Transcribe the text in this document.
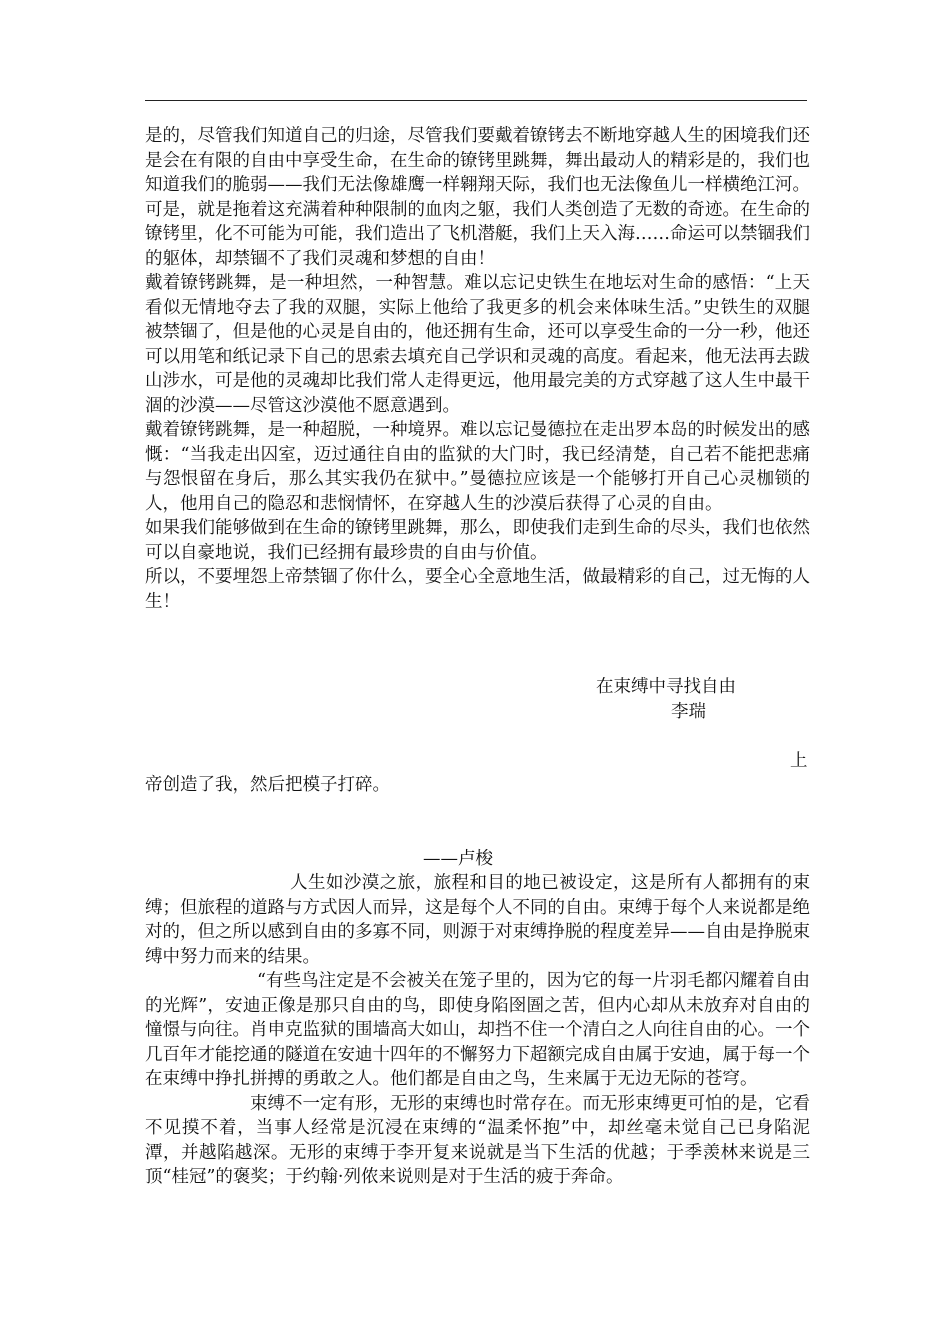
是的，尽管我们知道自己的归途，尽管我们要戴着镣铐去不断地穿越人生的困境我们还是会在有限的自由中享受生命，在生命的镣铐里跳舞，舞出最动人的精彩是的，我们也知道我们的脆弱——我们无法像雄鹰一样翱翔天际，我们也无法像鱼儿一样横绝江河。可是，就是拖着这充满着种种限制的血肉之躯，我们人类创造了无数的奇迹。在生命的镣铐里，化不可能为可能，我们造出了飞机潜艇，我们上天入海……命运可以禁锢我们的躯体，却禁锢不了我们灵魂和梦想的自由！

戴着镣铐跳舞，是一种坦然，一种智慧。难以忘记史铁生在地坛对生命的感悟：“上天看似无情地夺去了我的双腿，实际上他给了我更多的机会来体味生活。”史铁生的双腿被禁锢了，但是他的心灵是自由的，他还拥有生命，还可以享受生命的一分一秒，他还可以用笔和纸记录下自己的思索去填充自己学识和灵魂的高度。看起来，他无法再去跋山涉水，可是他的灵魂却比我们常人走得更远，他用最完美的方式穿越了这人生中最干涸的沙漠——尽管这沙漠他不愿意遇到。

戴着镣铐跳舞，是一种超脱，一种境界。难以忘记曼德拉在走出罗本岛的时候发出的感慨：“当我走出囚室，迈过通往自由的监狱的大门时，我已经清楚，自己若不能把悲痛与怨恨留在身后，那么其实我仍在狱中。”曼德拉应该是一个能够打开自己心灵枷锁的人，他用自己的隐忍和悲悯情怀，在穿越人生的沙漠后获得了心灵的自由。

如果我们能够做到在生命的镣铐里跳舞，那么，即使我们走到生命的尽头，我们也依然可以自豪地说，我们已经拥有最珍贵的自由与价值。

所以，不要埋怨上帝禁锢了你什么，要全心全意地生活，做最精彩的自己，过无悔的人生！

在束缚中寻找自由
李瑞
上
帝创造了我，然后把模子打碎。
——卢梭

人生如沙漠之旅，旅程和目的地已被设定，这是所有人都拥有的束缚；但旅程的道路与方式因人而异，这是每个人不同的自由。束缚于每个人来说都是绝对的，但之所以感到自由的多寡不同，则源于对束缚挣脱的程度差异——自由是挣脱束缚中努力而来的结果。

“有些鸟注定是不会被关在笼子里的，因为它的每一片羽毛都闪耀着自由的光辉”，安迪正像是那只自由的鸟，即使身陷囹圄之苦，但内心却从未放弃对自由的憧憬与向往。肖申克监狱的围墙高大如山，却挡不住一个清白之人向往自由的心。一个几百年才能挖通的隧道在安迪十四年的不懈努力下超额完成自由属于安迪，属于每一个在束缚中挣扎拼搏的勇敢之人。他们都是自由之鸟，生来属于无边无际的苍穹。

束缚不一定有形，无形的束缚也时常存在。而无形束缚更可怕的是，它看不见摸不着，当事人经常是沉浸在束缚的“温柔怀抱”中，却丝毫未觉自己已身陷泥潭，并越陷越深。无形的束缚于李开复来说就是当下生活的优越；于季羡林来说是三顶“桂冠”的褒奖；于约翰·列侬来说则是对于生活的疲于奔命。
